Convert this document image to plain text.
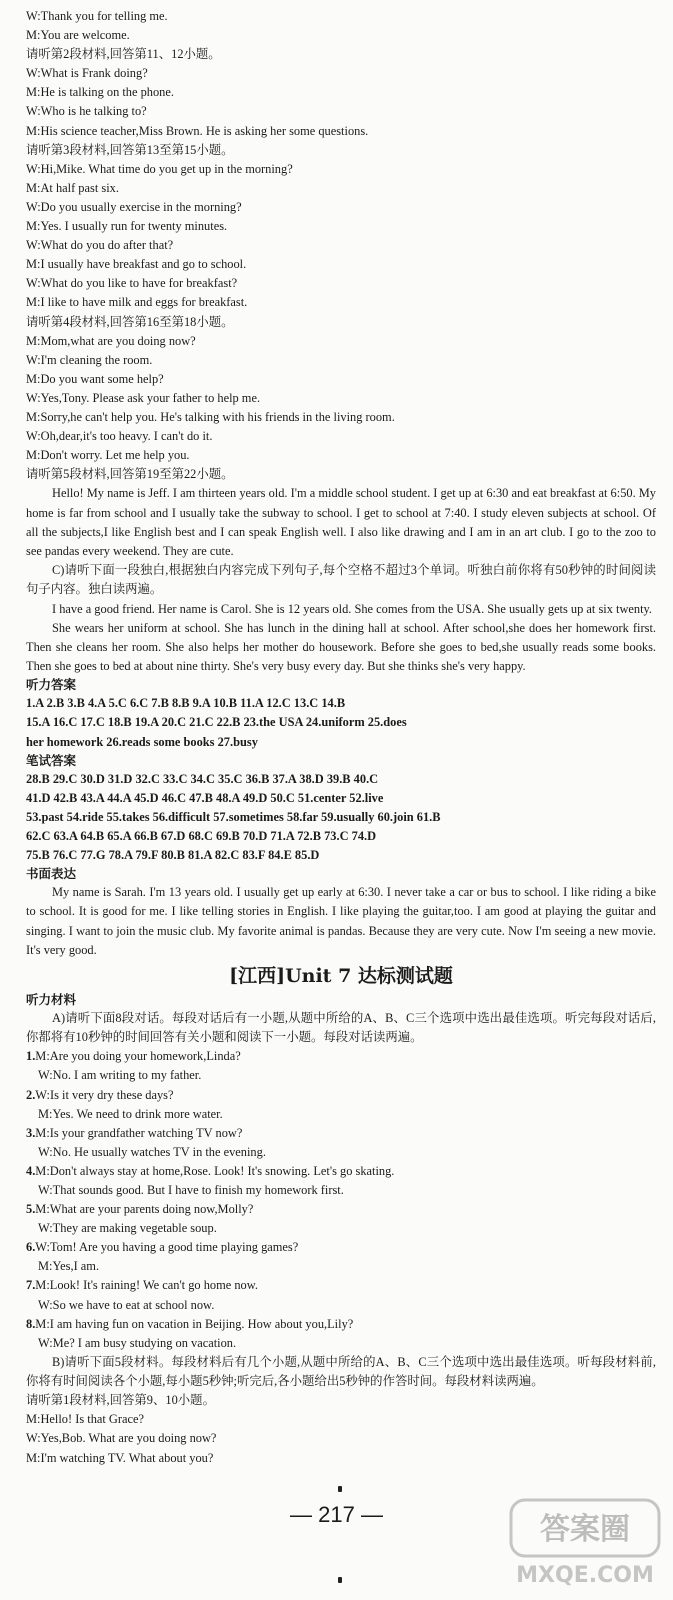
W:Thank you for telling me.
M:You are welcome.
请听第2段材料,回答第11、12小题。
W:What is Frank doing?
M:He is talking on the phone.
W:Who is he talking to?
M:His science teacher,Miss Brown. He is asking her some questions.
请听第3段材料,回答第13至第15小题。
W:Hi,Mike. What time do you get up in the morning?
M:At half past six.
W:Do you usually exercise in the morning?
M:Yes. I usually run for twenty minutes.
W:What do you do after that?
M:I usually have breakfast and go to school.
W:What do you like to have for breakfast?
M:I like to have milk and eggs for breakfast.
请听第4段材料,回答第16至第18小题。
M:Mom,what are you doing now?
W:I'm cleaning the room.
M:Do you want some help?
W:Yes,Tony. Please ask your father to help me.
M:Sorry,he can't help you. He's talking with his friends in the living room.
W:Oh,dear,it's too heavy. I can't do it.
M:Don't worry. Let me help you.
请听第5段材料,回答第19至第22小题。

Hello! My name is Jeff. I am thirteen years old. I'm a middle school student. I get up at 6:30 and eat breakfast at 6:50. My home is far from school and I usually take the subway to school. I get to school at 7:40. I study eleven subjects at school. Of all the subjects,I like English best and I can speak English well. I also like drawing and I am in an art club. I go to the zoo to see pandas every weekend. They are cute.

C)请听下面一段独白,根据独白内容完成下列句子,每个空格不超过3个单词。听独白前你将有50秒钟的时间阅读句子内容。独白读两遍。

I have a good friend. Her name is Carol. She is 12 years old. She comes from the USA. She usually gets up at six twenty.

She wears her uniform at school. She has lunch in the dining hall at school. After school,she does her homework first. Then she cleans her room. She also helps her mother do housework. Before she goes to bed,she usually reads some books. Then she goes to bed at about nine thirty. She's very busy every day. But she thinks she's very happy.

听力答案
1.A 2.B 3.B 4.A 5.C 6.C 7.B 8.B 9.A 10.B 11.A 12.C 13.C 14.B
15.A 16.C 17.C 18.B 19.A 20.C 21.C 22.B 23.the USA 24.uniform 25.does
her homework 26.reads some books 27.busy
笔试答案
28.B 29.C 30.D 31.D 32.C 33.C 34.C 35.C 36.B 37.A 38.D 39.B 40.C
41.D 42.B 43.A 44.A 45.D 46.C 47.B 48.A 49.D 50.C 51.center 52.live
53.past 54.ride 55.takes 56.difficult 57.sometimes 58.far 59.usually 60.join 61.B
62.C 63.A 64.B 65.A 66.B 67.D 68.C 69.B 70.D 71.A 72.B 73.C 74.D
75.B 76.C 77.G 78.A 79.F 80.B 81.A 82.C 83.F 84.E 85.D
书面表达

My name is Sarah. I'm 13 years old. I usually get up early at 6:30. I never take a car or bus to school. I like riding a bike to school. It is good for me. I like telling stories in English. I like playing the guitar,too. I am good at playing the guitar and singing. I want to join the music club. My favorite animal is pandas. Because they are very cute. Now I'm seeing a new movie. It's very good.

[江西]Unit 7 达标测试题
听力材料

A)请听下面8段对话。每段对话后有一小题,从题中所给的A、B、C三个选项中选出最佳选项。听完每段对话后,你都将有10秒钟的时间回答有关小题和阅读下一小题。每段对话读两遍。

1.M:Are you doing your homework,Linda?
W:No. I am writing to my father.
2.W:Is it very dry these days?
M:Yes. We need to drink more water.
3.M:Is your grandfather watching TV now?
W:No. He usually watches TV in the evening.
4.M:Don't always stay at home,Rose. Look! It's snowing. Let's go skating.
W:That sounds good. But I have to finish my homework first.
5.M:What are your parents doing now,Molly?
W:They are making vegetable soup.
6.W:Tom! Are you having a good time playing games?
M:Yes,I am.
7.M:Look! It's raining! We can't go home now.
W:So we have to eat at school now.
8.M:I am having fun on vacation in Beijing. How about you,Lily?
W:Me? I am busy studying on vacation.

B)请听下面5段材料。每段材料后有几个小题,从题中所给的A、B、C三个选项中选出最佳选项。听每段材料前,你将有时间阅读各个小题,每小题5秒钟;听完后,各小题给出5秒钟的作答时间。每段材料读两遍。

请听第1段材料,回答第9、10小题。
M:Hello! Is that Grace?
W:Yes,Bob. What are you doing now?
M:I'm watching TV. What about you?
— 217 —	答案圈
MXQE.COM
